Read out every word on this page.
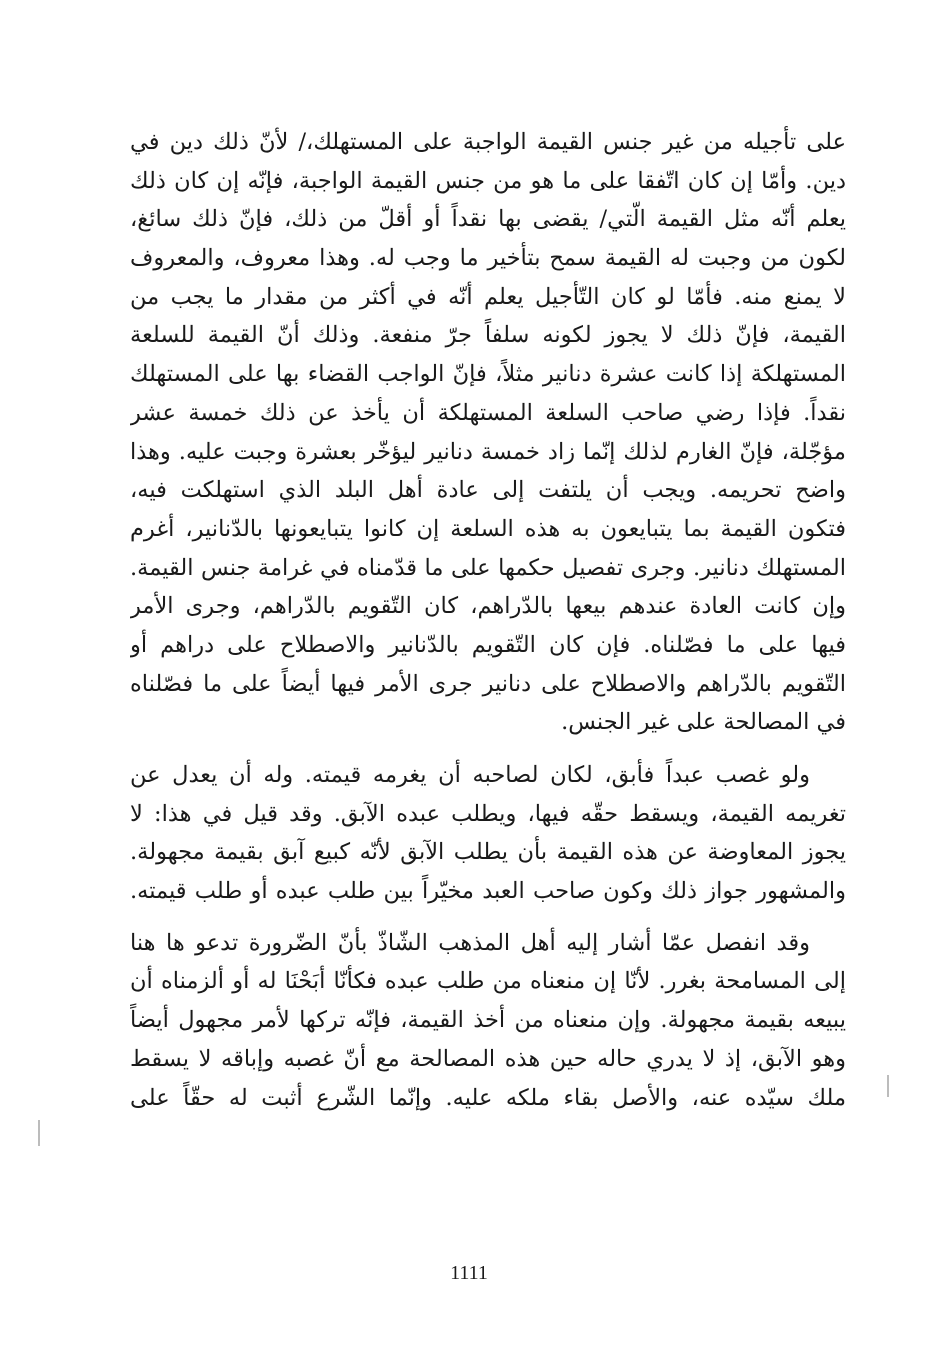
على تأجيله من غير جنس القيمة الواجبة على المستهلك،/ لأنّ ذلك دين في
دين. وأمّا إن كان اتّفقا على ما هو من جنس القيمة الواجبة، فإنّه إن كان ذلك
يعلم أنّه مثل القيمة الّتي/ يقضى بها نقداً أو أقلّ من ذلك، فإنّ ذلك سائغ،
لكون من وجبت له القيمة سمح بتأخير ما وجب له. وهذا معروف، والمعروف
لا يمنع منه. فأمّا لو كان التّأجيل يعلم أنّه في أكثر من مقدار ما يجب من
القيمة، فإنّ ذلك لا يجوز لكونه سلفاً جرّ منفعة. وذلك أنّ القيمة للسلعة
المستهلكة إذا كانت عشرة دنانير مثلاً، فإنّ الواجب القضاء بها على المستهلك
نقداً. فإذا رضي صاحب السلعة المستهلكة أن يأخذ عن ذلك خمسة عشر
مؤجّلة، فإنّ الغارم لذلك إنّما زاد خمسة دنانير ليؤخّر بعشرة وجبت عليه. وهذا
واضح تحريمه. ويجب أن يلتفت إلى عادة أهل البلد الذي استهلكت فيه،
فتكون القيمة بما يتبايعون به هذه السلعة إن كانوا يتبايعونها بالدّنانير، أغرم
المستهلك دنانير. وجرى تفصيل حكمها على ما قدّمناه في غرامة جنس القيمة.
وإن كانت العادة عندهم بيعها بالدّراهم، كان التّقويم بالدّراهم، وجرى الأمر
فيها على ما فصّلناه. فإن كان التّقويم بالدّنانير والاصطلاح على دراهم أو
التّقويم بالدّراهم والاصطلاح على دنانير جرى الأمر فيها أيضاً على ما فصّلناه
في المصالحة على غير الجنس.
ولو غصب عبداً فأبق، لكان لصاحبه أن يغرمه قيمته. وله أن يعدل عن
تغريمه القيمة، ويسقط حقّه فيها، ويطلب عبده الآبق. وقد قيل في هذا: لا
يجوز المعاوضة عن هذه القيمة بأن يطلب الآبق لأنّه كبيع آبق بقيمة مجهولة.
والمشهور جواز ذلك وكون صاحب العبد مخيّراً بين طلب عبده أو طلب قيمته.
وقد انفصل عمّا أشار إليه أهل المذهب الشّاذّ بأنّ الضّرورة تدعو ها هنا
إلى المسامحة بغرر. لأنّا إن منعناه من طلب عبده فكأنّا أبَحْنَا له أو ألزمناه أن
يبيعه بقيمة مجهولة. وإن منعناه من أخذ القيمة، فإنّه تركها لأمر مجهول أيضاً
وهو الآبق، إذ لا يدري حاله حين هذه المصالحة مع أنّ غصبه وإباقه لا يسقط
ملك سيّده عنه، والأصل بقاء ملكه عليه. وإنّما الشّرع أثبت له حقّاً على
1111
